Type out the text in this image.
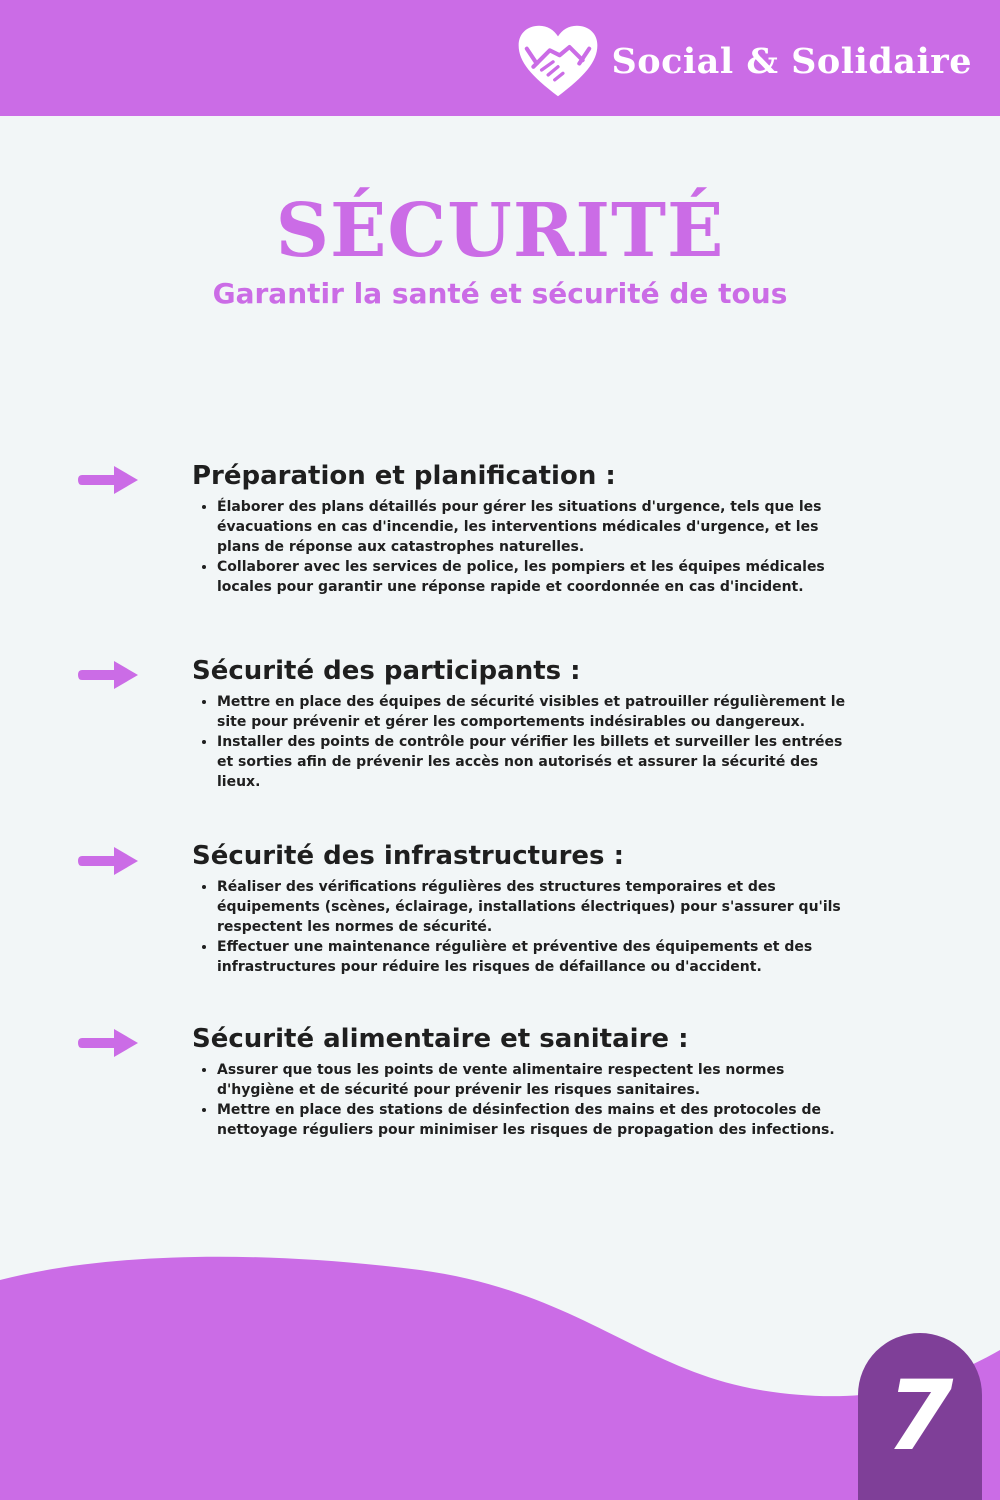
Social & Solidaire
SÉCURITÉ
Garantir la santé et sécurité de tous
Préparation et planification :
Élaborer des plans détaillés pour gérer les situations d'urgence, tels que les évacuations en cas d'incendie, les interventions médicales d'urgence, et les plans de réponse aux catastrophes naturelles.
Collaborer avec les services de police, les pompiers et les équipes médicales locales pour garantir une réponse rapide et coordonnée en cas d'incident.
Sécurité des participants :
Mettre en place des équipes de sécurité visibles et patrouiller régulièrement le site pour prévenir et gérer les comportements indésirables ou dangereux.
Installer des points de contrôle pour vérifier les billets et surveiller les entrées et sorties afin de prévenir les accès non autorisés et assurer la sécurité des lieux.
Sécurité des infrastructures :
Réaliser des vérifications régulières des structures temporaires et des équipements (scènes, éclairage, installations électriques) pour s'assurer qu'ils respectent les normes de sécurité.
Effectuer une maintenance régulière et préventive des équipements et des infrastructures pour réduire les risques de défaillance ou d'accident.
Sécurité alimentaire et sanitaire :
Assurer que tous les points de vente alimentaire respectent les normes d'hygiène et de sécurité pour prévenir les risques sanitaires.
Mettre en place des stations de désinfection des mains et des protocoles de nettoyage réguliers pour minimiser les risques de propagation des infections.
7
